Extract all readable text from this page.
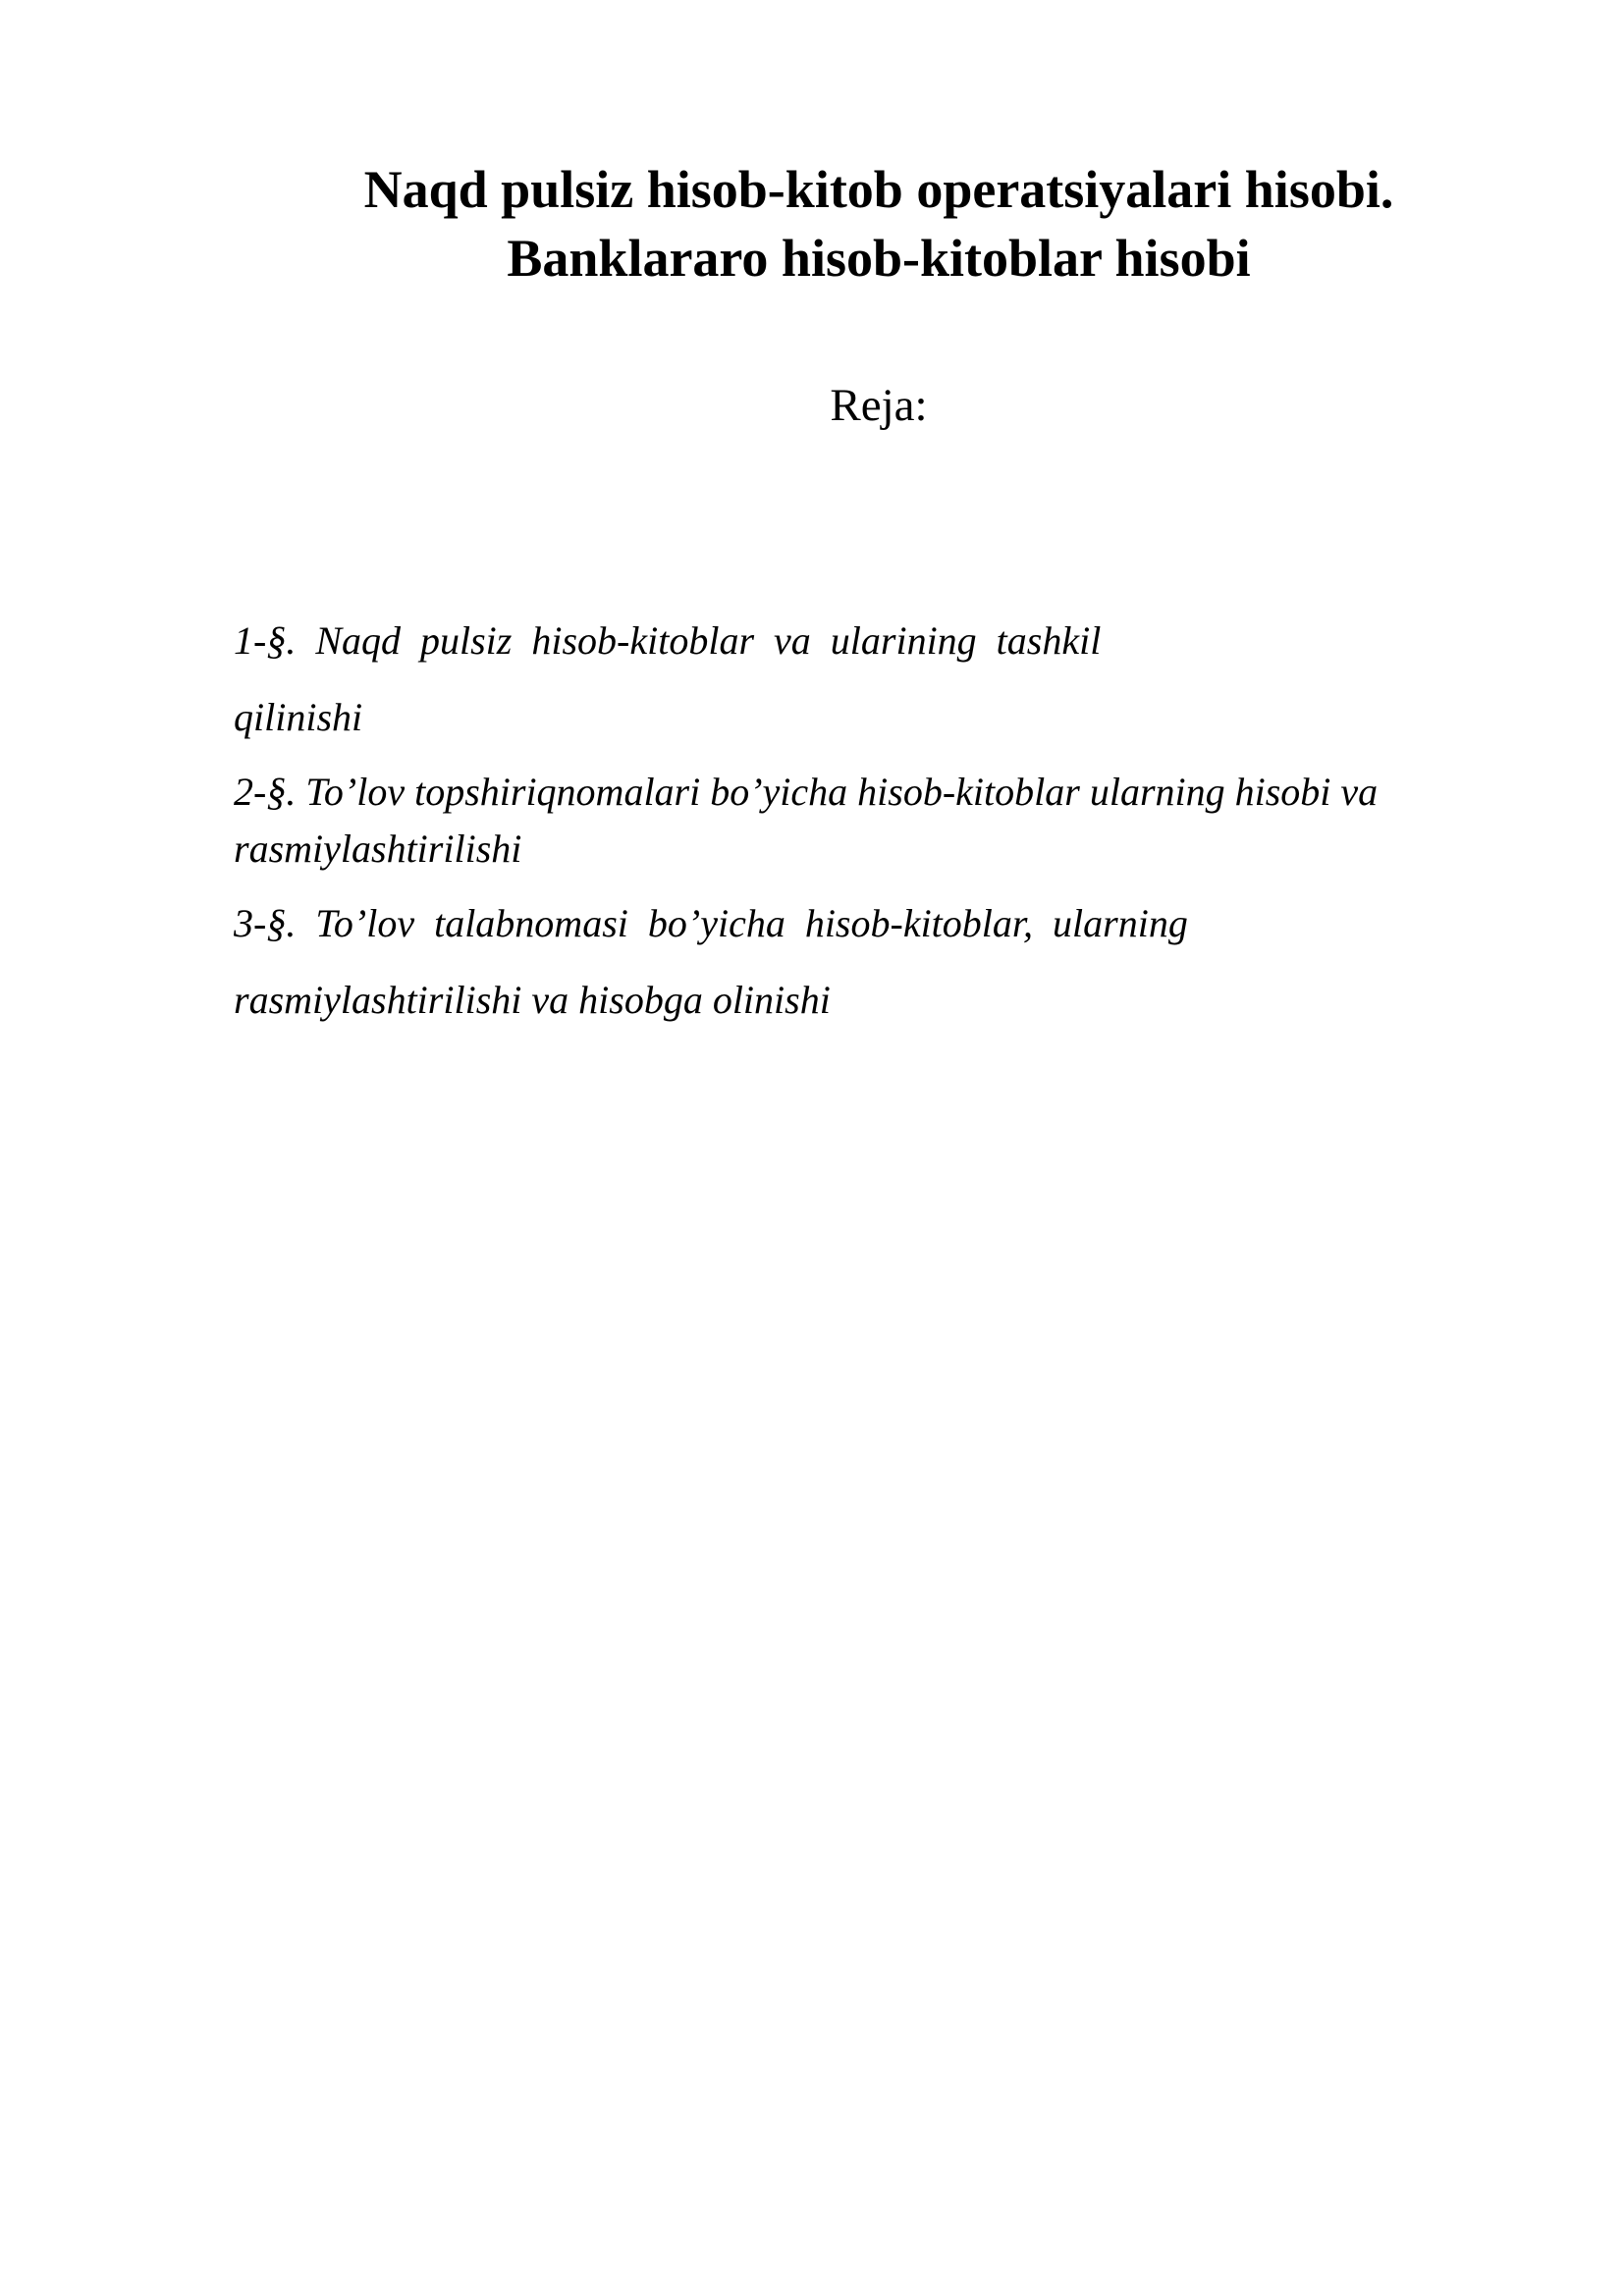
Naqd pulsiz hisob-kitob operatsiyalari hisobi.
Banklararo hisob-kitoblar hisobi
Reja:
1-§. Naqd pulsiz hisob-kitoblar va ularining tashkil
qilinishi
2-§. To’lov topshiriqnomalari bo’yicha hisob-kitoblar ularning hisobi va
rasmiylashtirilishi
3-§. To’lov talabnomasi bo’yicha hisob-kitoblar, ularning
rasmiylashtirilishi va hisobga olinishi
